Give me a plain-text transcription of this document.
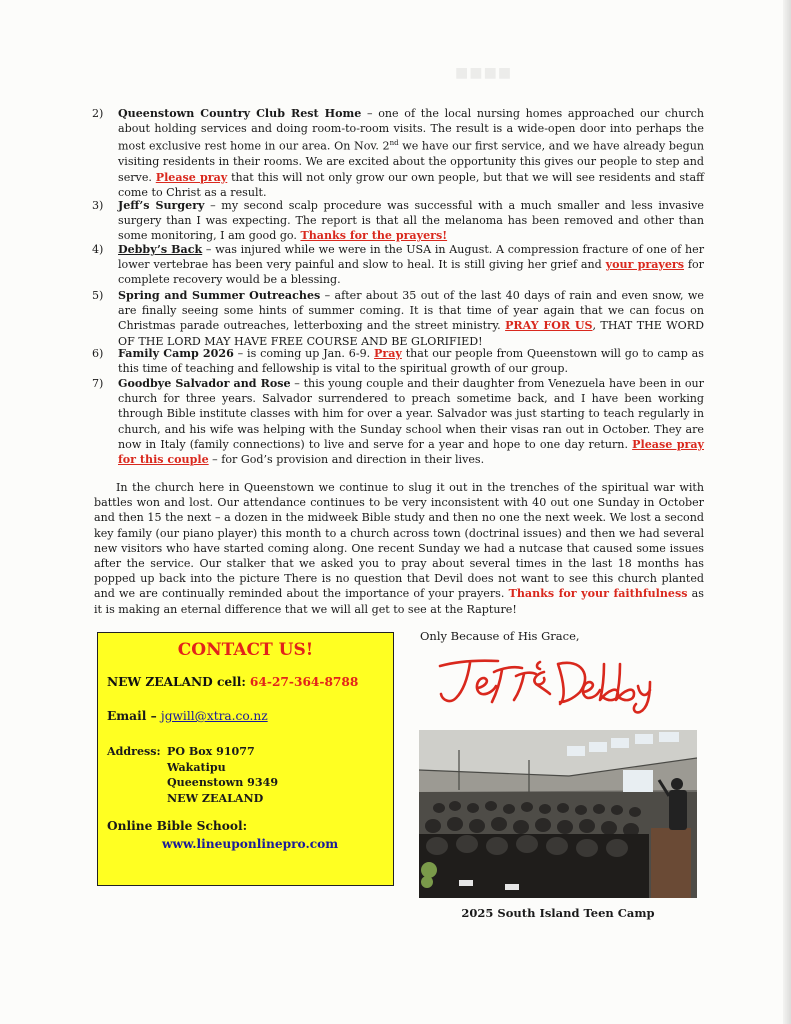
■■■■
2) Queenstown Country Club Rest Home – one of the local nursing homes approached our church about holding services and doing room-to-room visits. The result is a wide-open door into perhaps the most exclusive rest home in our area. On Nov. 2nd we have our first service, and we have already begun visiting residents in their rooms. We are excited about the opportunity this gives our people to step and serve. Please pray that this will not only grow our own people, but that we will see residents and staff come to Christ as a result.
3) Jeff’s Surgery – my second scalp procedure was successful with a much smaller and less invasive surgery than I was expecting. The report is that all the melanoma has been removed and other than some monitoring, I am good go. Thanks for the prayers!
4) Debby’s Back – was injured while we were in the USA in August. A compression fracture of one of her lower vertebrae has been very painful and slow to heal. It is still giving her grief and your prayers for complete recovery would be a blessing.
5) Spring and Summer Outreaches – after about 35 out of the last 40 days of rain and even snow, we are finally seeing some hints of summer coming. It is that time of year again that we can focus on Christmas parade outreaches, letterboxing and the street ministry. PRAY FOR US, THAT THE WORD OF THE LORD MAY HAVE FREE COURSE AND BE GLORIFIED!
6) Family Camp 2026 – is coming up Jan. 6-9. Pray that our people from Queenstown will go to camp as this time of teaching and fellowship is vital to the spiritual growth of our group.
7) Goodbye Salvador and Rose – this young couple and their daughter from Venezuela have been in our church for three years. Salvador surrendered to preach sometime back, and I have been working through Bible institute classes with him for over a year. Salvador was just starting to teach regularly in church, and his wife was helping with the Sunday school when their visas ran out in October. They are now in Italy (family connections) to live and serve for a year and hope to one day return. Please pray for this couple – for God’s provision and direction in their lives.

In the church here in Queenstown we continue to slug it out in the trenches of the spiritual war with battles won and lost. Our attendance continues to be very inconsistent with 40 out one Sunday in October and then 15 the next – a dozen in the midweek Bible study and then no one the next week. We lost a second key family (our piano player) this month to a church across town (doctrinal issues) and then we had several new visitors who have started coming along. One recent Sunday we had a nutcase that caused some issues after the service. Our stalker that we asked you to pray about several times in the last 18 months has popped up back into the picture There is no question that Devil does not want to see this church planted and we are continually reminded about the importance of your prayers. Thanks for your faithfulness as it is making an eternal difference that we will all get to see at the Rapture!

CONTACT US!
NEW ZEALAND cell: 64-27-364-8788
Email – jgwill@xtra.co.nz
Address: PO Box 91077
Wakatipu
Queenstown 9349
NEW ZEALAND
Online Bible School:
www.lineuponlinepro.com
Only Because of His Grace,
2025 South Island Teen Camp
